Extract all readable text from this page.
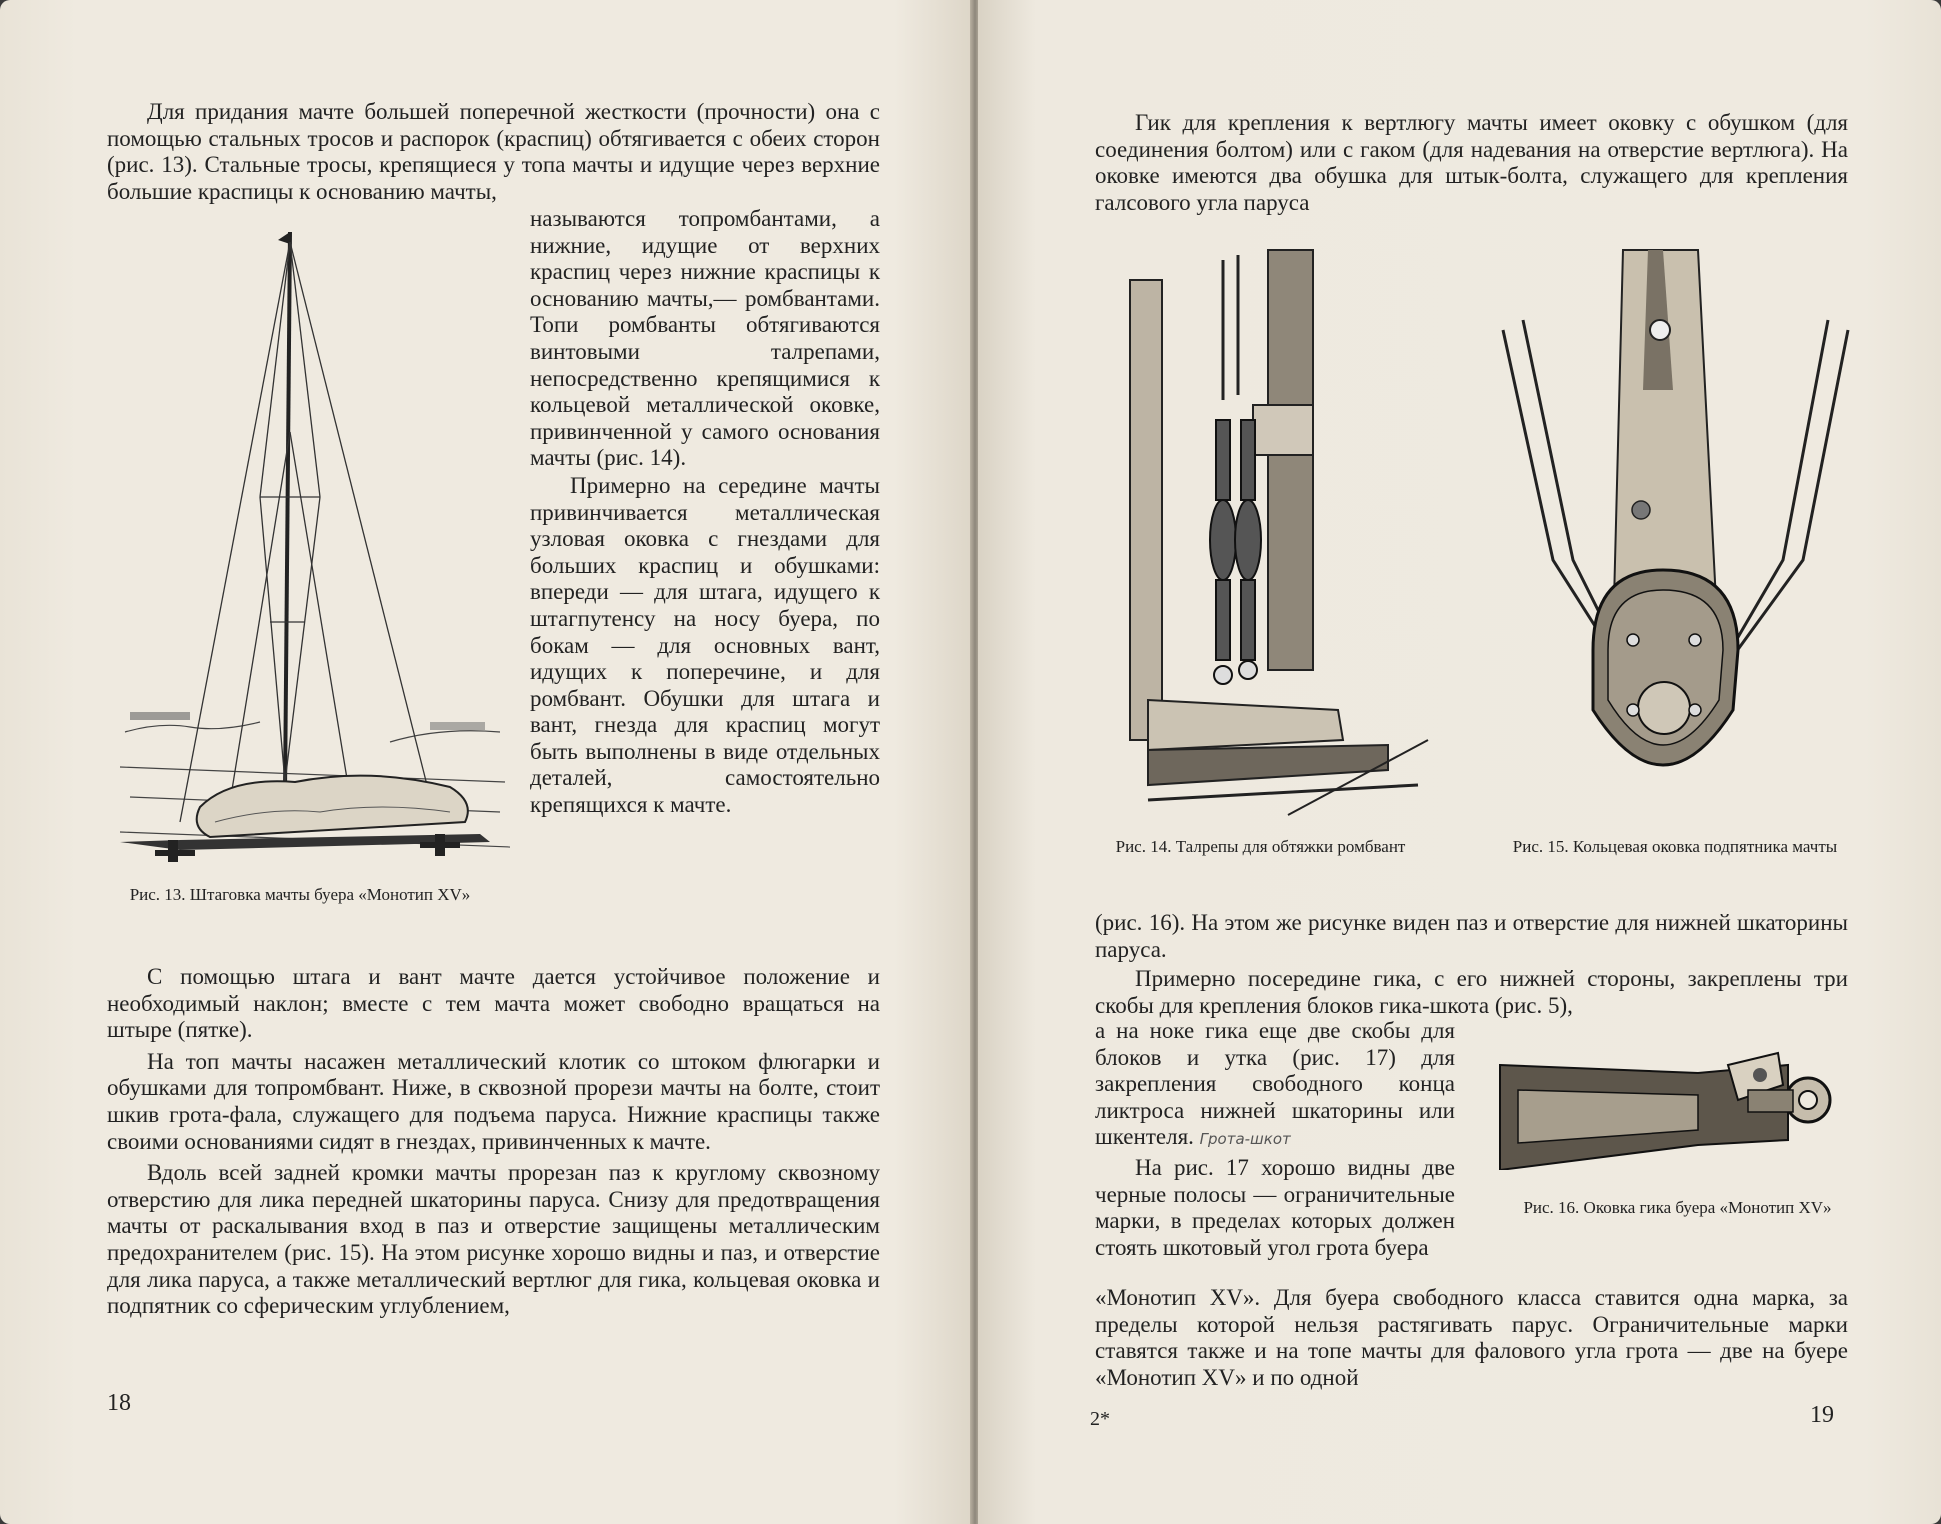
Для придания мачте большей поперечной жесткости (прочности) она с помощью стальных тросов и распорок (краспиц) обтягивается с обеих сторон (рис. 13). Стальные тросы, крепящиеся у топа мачты и идущие через верхние большие краспицы к основанию мачты,

Рис. 13. Штаговка мачты буера «Монотип XV»

называются топромбантами, а нижние, идущие от верхних краспиц через нижние краспицы к основанию мачты,— ромбвантами. Топи ромбванты обтягиваются винтовыми талрепами, непосредственно крепящимися к кольцевой металлической оковке, привинченной у самого основания мачты (рис. 14).

Примерно на середине мачты привинчивается металлическая узловая оковка с гнездами для больших краспиц и обушками: впереди — для штага, идущего к штагпутенсу на носу буера, по бокам — для основных вант, идущих к поперечине, и для ромбвант. Обушки для штага и вант, гнезда для краспиц могут быть выполнены в виде отдельных деталей, самостоятельно крепящихся к мачте.

С помощью штага и вант мачте дается устойчивое положение и необходимый наклон; вместе с тем мачта может свободно вращаться на штыре (пятке).

На топ мачты насажен металлический клотик со штоком флюгарки и обушками для топромбвант. Ниже, в сквозной прорези мачты на болте, стоит шкив грота-фала, служащего для подъема паруса. Нижние краспицы также своими основаниями сидят в гнездах, привинченных к мачте.

Вдоль всей задней кромки мачты прорезан паз к круглому сквозному отверстию для лика передней шкаторины паруса. Снизу для предотвращения мачты от раскалывания вход в паз и отверстие защищены металлическим предохранителем (рис. 15). На этом рисунке хорошо видны и паз, и отверстие для лика паруса, а также металлический вертлюг для гика, кольцевая оковка и подпятник со сферическим углублением,

18

Гик для крепления к вертлюгу мачты имеет оковку с обушком (для соединения болтом) или с гаком (для надевания на отверстие вертлюга). На оковке имеются два обушка для штык-болта, служащего для крепления галсового угла паруса

Рис. 14. Талрепы для обтяжки ромбвант	Рис. 15. Кольцевая оковка подпятника мачты

(рис. 16). На этом же рисунке виден паз и отверстие для нижней шкаторины паруса.

Примерно посередине гика, с его нижней стороны, закреплены три скобы для крепления блоков гика-шкота (рис. 5),

а на ноке гика еще две скобы для блоков и утка (рис. 17) для закрепления свободного конца ликтроса нижней шкаторины или шкентеля. Грота-шкот

На рис. 17 хорошо видны две черные полосы — ограничительные марки, в пределах которых должен стоять шкотовый угол грота буера

Рис. 16. Оковка гика буера «Монотип XV»

«Монотип XV». Для буера свободного класса ставится одна марка, за пределы которой нельзя растягивать парус. Ограничительные марки ставятся также и на топе мачты для фалового угла грота — две на буере «Монотип XV» и по одной

2*	19
